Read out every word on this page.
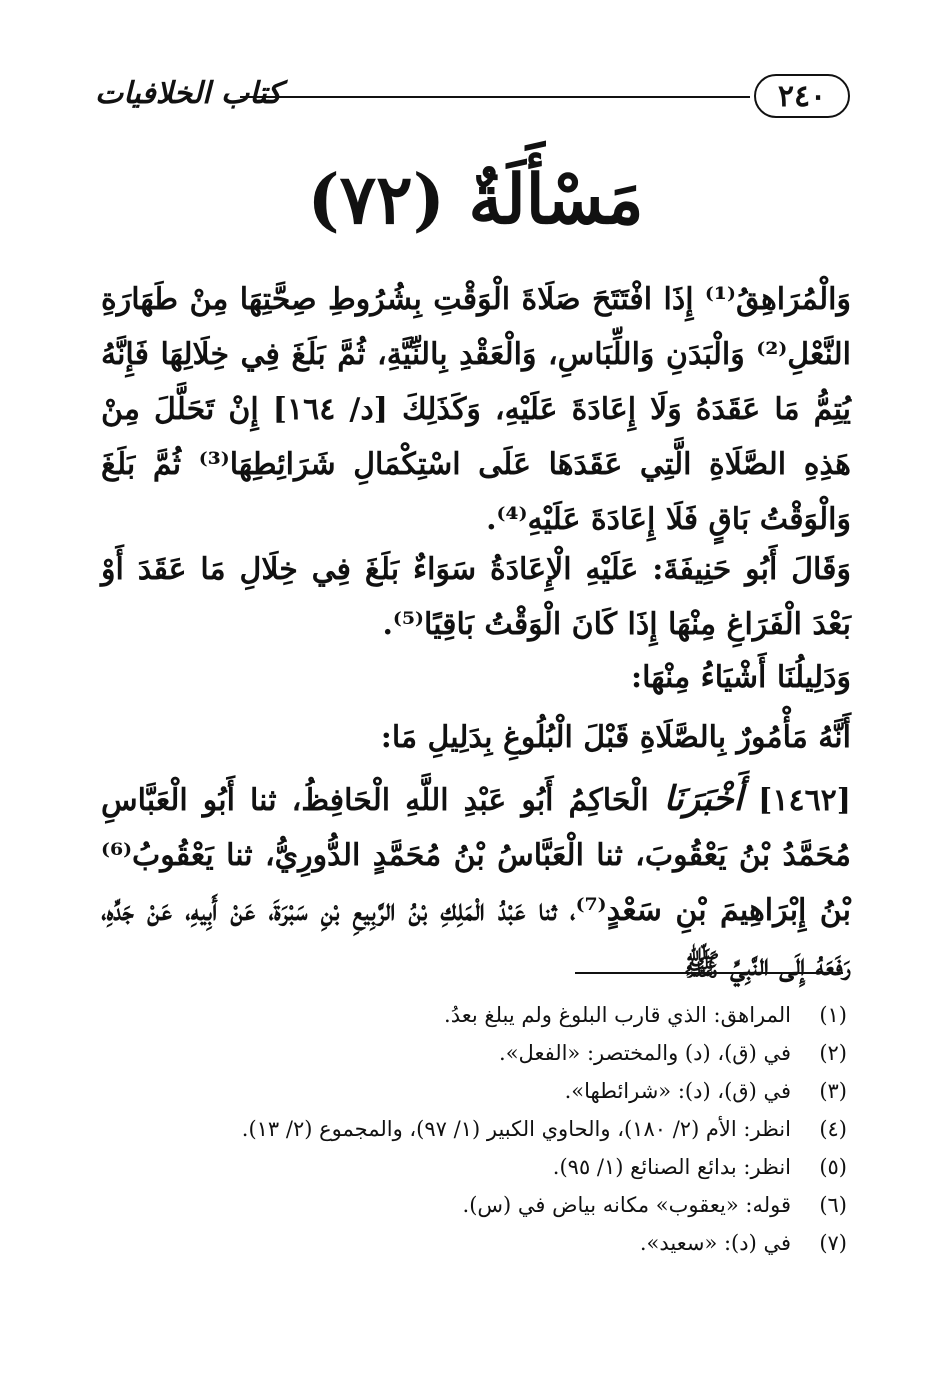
٢٤٠
كتاب الخلافيات
مَسْأَلَةٌ (٧٢)
وَالْمُرَاهِقُ⁽¹⁾ إِذَا افْتَتَحَ صَلَاةَ الْوَقْتِ بِشُرُوطِ صِحَّتِهَا مِنْ طَهَارَةِ النَّعْلِ⁽²⁾ وَالْبَدَنِ وَاللِّبَاسِ، وَالْعَقْدِ بِالنِّيَّةِ، ثُمَّ بَلَغَ فِي خِلَالِهَا فَإِنَّهُ يُتِمُّ مَا عَقَدَهُ وَلَا إِعَادَةَ عَلَيْهِ، وَكَذَلِكَ [د/ ١٦٤] إِنْ تَحَلَّلَ مِنْ هَذِهِ الصَّلَاةِ الَّتِي عَقَدَهَا عَلَى اسْتِكْمَالِ شَرَائِطِهَا⁽³⁾ ثُمَّ بَلَغَ وَالْوَقْتُ بَاقٍ فَلَا إِعَادَةَ عَلَيْهِ⁽⁴⁾.
وَقَالَ أَبُو حَنِيفَةَ: عَلَيْهِ الْإِعَادَةُ سَوَاءٌ بَلَغَ فِي خِلَالِ مَا عَقَدَ أَوْ بَعْدَ الْفَرَاغِ مِنْهَا إِذَا كَانَ الْوَقْتُ بَاقِيًا⁽⁵⁾.
وَدَلِيلُنَا أَشْيَاءُ مِنْهَا:
أَنَّهُ مَأْمُورٌ بِالصَّلَاةِ قَبْلَ الْبُلُوغِ بِدَلِيلِ مَا:
[١٤٦٢] أَخْبَرَنَا الْحَاكِمُ أَبُو عَبْدِ اللَّهِ الْحَافِظُ، ثنا أَبُو الْعَبَّاسِ مُحَمَّدُ بْنُ يَعْقُوبَ، ثنا الْعَبَّاسُ بْنُ مُحَمَّدٍ الدُّورِيُّ، ثنا يَعْقُوبُ⁽⁶⁾ بْنُ إِبْرَاهِيمَ بْنِ سَعْدٍ⁽⁷⁾، ثنا عَبْدُ الْمَلِكِ بْنُ الرَّبِيعِ بْنِ سَبْرَةَ، عَنْ أَبِيهِ، عَنْ جَدِّهِ، رَفَعَهُ إِلَى النَّبِيِّ ﷺ
(١)
المراهق: الذي قارب البلوغ ولم يبلغ بعدُ.
(٢)
في (ق)، (د) والمختصر: «الفعل».
(٣)
في (ق)، (د): «شرائطها».
(٤)
انظر: الأم (٢/ ١٨٠)، والحاوي الكبير (١/ ٩٧)، والمجموع (٢/ ١٣).
(٥)
انظر: بدائع الصنائع (١/ ٩٥).
(٦)
قوله: «يعقوب» مكانه بياض في (س).
(٧)
في (د): «سعيد».
